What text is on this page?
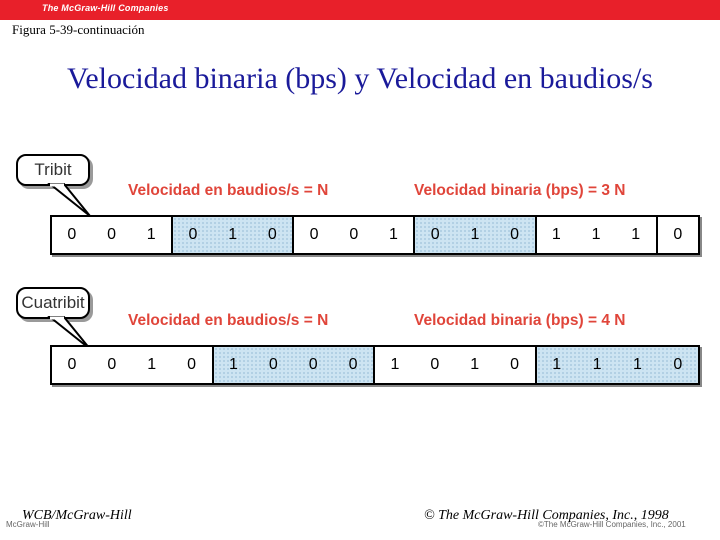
The McGraw-Hill Companies
Figura 5-39-continuación
Velocidad binaria (bps) y Velocidad en baudios/s
Tribit
Velocidad en baudios/s = N	Velocidad binaria (bps) = 3 N
0	0	1	0	1	0	0	0	1	0	1	0	1	1	1	0
Cuatribit
Velocidad en baudios/s = N	Velocidad binaria (bps) = 4 N
0	0	1	0	1	0	0	0	1	0	1	0	1	1	1	0
WCB/McGraw-Hill
McGraw-Hill
© The McGraw-Hill Companies, Inc., 1998
©The McGraw-Hill Companies, Inc., 2001
